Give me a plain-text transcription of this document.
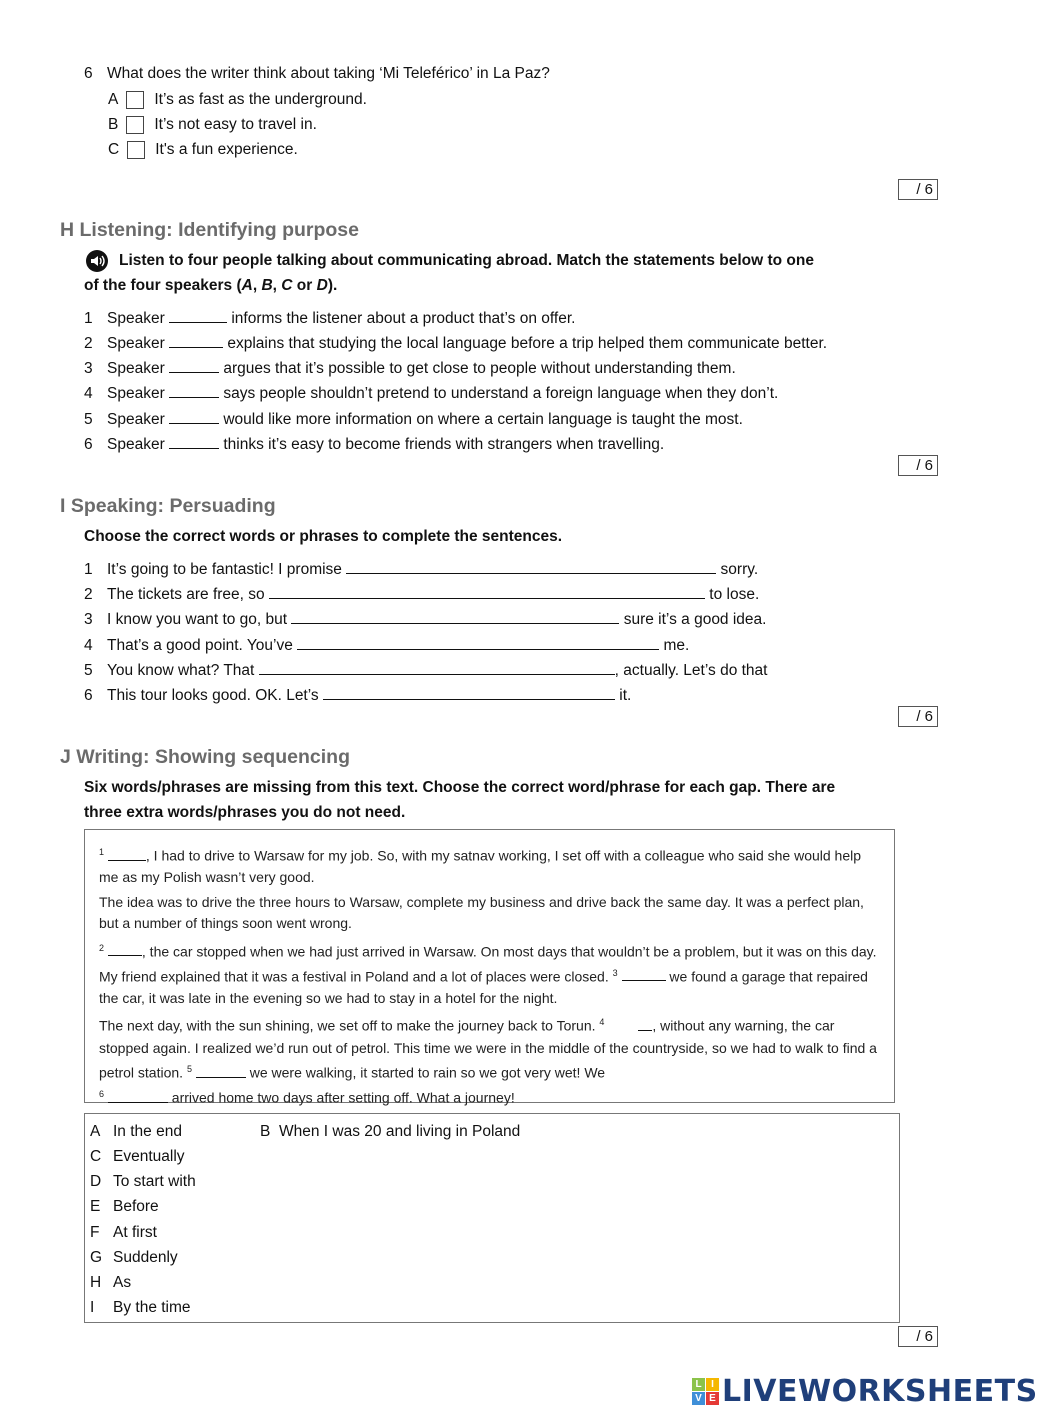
6 What does the writer think about taking ‘Mi Teleférico’ in La Paz?
A It’s as fast as the underground.
B It’s not easy to travel in.
C It's a fun experience.
/ 6
H Listening: Identifying purpose
Listen to four people talking about communicating abroad. Match the statements below to one
of the four speakers (A, B, C or D).
1 Speaker	informs the listener about a product that’s on offer.
2 Speaker	explains that studying the local language before a trip helped them communicate better.
3 Speaker	argues that it’s possible to get close to people without understanding them.
4 Speaker	says people shouldn’t pretend to understand a foreign language when they don’t.
5 Speaker	would like more information on where a certain language is taught the most.
6 Speaker	thinks it’s easy to become friends with strangers when travelling.
/ 6
I Speaking: Persuading
Choose the correct words or phrases to complete the sentences.
1 It’s going to be fantastic! I promise	sorry.
2 The tickets are free, so	to lose.
3 I know you want to go, but	sure it’s a good idea.
4 That’s a good point. You’ve	me.
5 You know what? That	, actually. Let’s do that
6 This tour looks good. OK. Let’s	it.
/ 6
J Writing: Showing sequencing
Six words/phrases are missing from this text. Choose the correct word/phrase for each gap. There are
three extra words/phrases you do not need.
$^1$	, I had to drive to Warsaw for my job. So, with my satnav working, I set off with a colleague who said she would help me as my Polish wasn’t very good.
The idea was to drive the three hours to Warsaw, complete my business and drive back the same day. It was a perfect plan, but a number of things soon went wrong.
$^2$	, the car stopped when we had just arrived in Warsaw. On most days that wouldn’t be a problem, but it was on this day. My friend explained that it was a festival in Poland and a lot of places were closed. $^3$	we found a garage that repaired the car, it was late in the evening so we had to stay in a hotel for the night.
The next day, with the sun shining, we set off to make the journey back to Torun. $^4$	, without any warning, the car stopped again. I realized we’d run out of petrol. This time we were in the middle of the countryside, so we had to walk to find a petrol station. $^5$	we were walking, it started to rain so we got very wet! We
$^6$	arrived home two days after setting off. What a journey!
A In the end	B When I was 20 and living in Poland
C Eventually
D To start with
E Before
F At first
G Suddenly
H As
I By the time
/ 6
L I
V E LIVEWORKSHEETS
